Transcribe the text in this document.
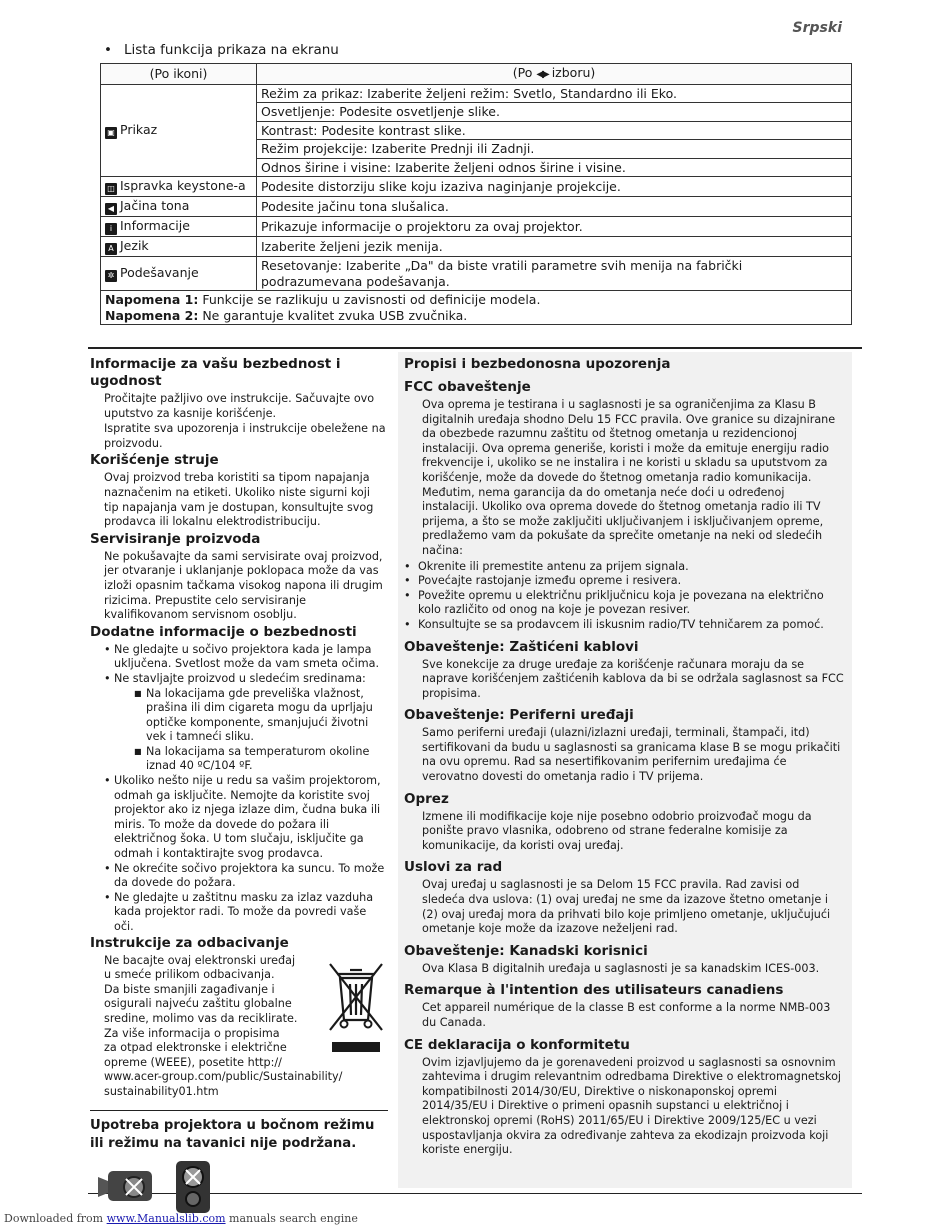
Srpski
• Lista funkcija prikaza na ekranu
(Po ikoni)	(Po ◀▶ izboru)
▣ Prikaz	Režim za prikaz: Izaberite željeni režim: Svetlo, Standardno ili Eko.
	Osvetljenje: Podesite osvetljenje slike.
	Kontrast: Podesite kontrast slike.
	Režim projekcije: Izaberite Prednji ili Zadnji.
	Odnos širine i visine: Izaberite željeni odnos širine i visine.
◫ Ispravka keystone-a	Podesite distorziju slike koju izaziva naginjanje projekcije.
◀ Jačina tona	Podesite jačinu tona slušalica.
i Informacije	Prikazuje informacije o projektoru za ovaj projektor.
A Jezik	Izaberite željeni jezik menija.
✲ Podešavanje	Resetovanje: Izaberite „Da" da biste vratili parametre svih menija na fabrički podrazumevana podešavanja.

Napomena 1: Funkcije se razlikuju u zavisnosti od definicije modela.
Napomena 2: Ne garantuje kvalitet zvuka USB zvučnika.	
Informacije za vašu bezbednost i ugodnost

Pročitajte pažljivo ove instrukcije. Sačuvajte ovo uputstvo za kasnije korišćenje.

Ispratite sva upozorenja i instrukcije obeležene na proizvodu.

Korišćenje struje

Ovaj proizvod treba koristiti sa tipom napajanja naznačenim na etiketi. Ukoliko niste sigurni koji tip napajanja vam je dostupan, konsultujte svog prodavca ili lokalnu elektrodistribuciju.

Servisiranje proizvoda

Ne pokušavajte da sami servisirate ovaj proizvod, jer otvaranje i uklanjanje poklopaca može da vas izloži opasnim tačkama visokog napona ili drugim rizicima. Prepustite celo servisiranje kvalifikovanom servisnom osoblju.

Dodatne informacije o bezbednosti
• Ne gledajte u sočivo projektora kada je lampa uključena. Svetlost može da vam smeta očima.
• Ne stavljajte proizvod u sledećim sredinama:
■ Na lokacijama gde preveliška vlažnost, prašina ili dim cigareta mogu da uprljaju optičke komponente, smanjujući životni vek i tamneći sliku.
■ Na lokacijama sa temperaturom okoline iznad 40 ºC/104 ºF.
• Ukoliko nešto nije u redu sa vašim projektorom, odmah ga isključite. Nemojte da koristite svoj projektor ako iz njega izlaze dim, čudna buka ili miris. To može da dovede do požara ili električnog šoka. U tom slučaju, isključite ga odmah i kontaktirajte svog prodavca.
• Ne okrećite sočivo projektora ka suncu. To može da dovede do požara.
• Ne gledajte u zaštitnu masku za izlaz vazduha kada projektor radi. To može da povredi vaše oči.
Instrukcije za odbacivanje
Ne bacajte ovaj elektronski uređaj
u smeće prilikom odbacivanja.
Da biste smanjili zagađivanje i
osigurali najveću zaštitu globalne
sredine, molimo vas da reciklirate.
Za više informacija o propisima
za otpad elektronske i električne
opreme (WEEE), posetite http://
www.acer-group.com/public/Sustainability/
sustainability01.htm
Upotreba projektora u bočnom režimu ili režimu na tavanici nije podržana.
Propisi i bezbedonosna upozorenja
FCC obaveštenje

Ova oprema je testirana i u saglasnosti je sa ograničenjima za Klasu B digitalnih uređaja shodno Delu 15 FCC pravila. Ove granice su dizajnirane da obezbede razumnu zaštitu od štetnog ometanja u rezidencionoj instalaciji. Ova oprema generiše, koristi i može da emituje energiju radio frekvencije i, ukoliko se ne instalira i ne koristi u skladu sa uputstvom za korišćenje, može da dovede do štetnog ometanja radio komunikacija. Međutim, nema garancija da do ometanja neće doći u određenoj instalaciji. Ukoliko ova oprema dovede do štetnog ometanja radio ili TV prijema, a što se može zaključiti uključivanjem i isključivanjem opreme, predlažemo vam da pokušate da sprečite ometanje na neki od sledećih načina:

• Okrenite ili premestite antenu za prijem signala.
• Povećajte rastojanje između opreme i resivera.
• Povežite opremu u električnu priključnicu koja je povezana na električno kolo različito od onog na koje je povezan resiver.
• Konsultujte se sa prodavcem ili iskusnim radio/TV tehničarem za pomoć.
Obaveštenje: Zaštićeni kablovi

Sve konekcije za druge uređaje za korišćenje računara moraju da se naprave korišćenjem zaštićenih kablova da bi se održala saglasnost sa FCC propisima.

Obaveštenje: Periferni uređaji

Samo periferni uređaji (ulazni/izlazni uređaji, terminali, štampači, itd) sertifikovani da budu u saglasnosti sa granicama klase B se mogu prikačiti na ovu opremu. Rad sa nesertifikovanim perifernim uređajima će verovatno dovesti do ometanja radio i TV prijema.

Oprez

Izmene ili modifikacije koje nije posebno odobrio proizvođač mogu da ponište pravo vlasnika, odobreno od strane federalne komisije za komunikacije, da koristi ovaj uređaj.

Uslovi za rad

Ovaj uređaj u saglasnosti je sa Delom 15 FCC pravila. Rad zavisi od sledeća dva uslova: (1) ovaj uređaj ne sme da izazove štetno ometanje i (2) ovaj uređaj mora da prihvati bilo koje primljeno ometanje, uključujući ometanje koje može da izazove neželjeni rad.

Obaveštenje: Kanadski korisnici

Ova Klasa B digitalnih uređaja u saglasnosti je sa kanadskim ICES-003.

Remarque à l'intention des utilisateurs canadiens

Cet appareil numérique de la classe B est conforme a la norme NMB-003 du Canada.

CE deklaracija o konformitetu

Ovim izjavljujemo da je gorenavedeni proizvod u saglasnosti sa osnovnim zahtevima i drugim relevantnim odredbama Direktive o elektromagnetskoj kompatibilnosti 2014/30/EU, Direktive o niskonaponskoj opremi 2014/35/EU i Direktive o primeni opasnih supstanci u električnoj i elektronskoj opremi (RoHS) 2011/65/EU i Direktive 2009/125/EC u vezi uspostavljanja okvira za određivanje zahteva za ekodizajn proizvoda koji koriste energiju.

Downloaded from www.Manualslib.com manuals search engine
